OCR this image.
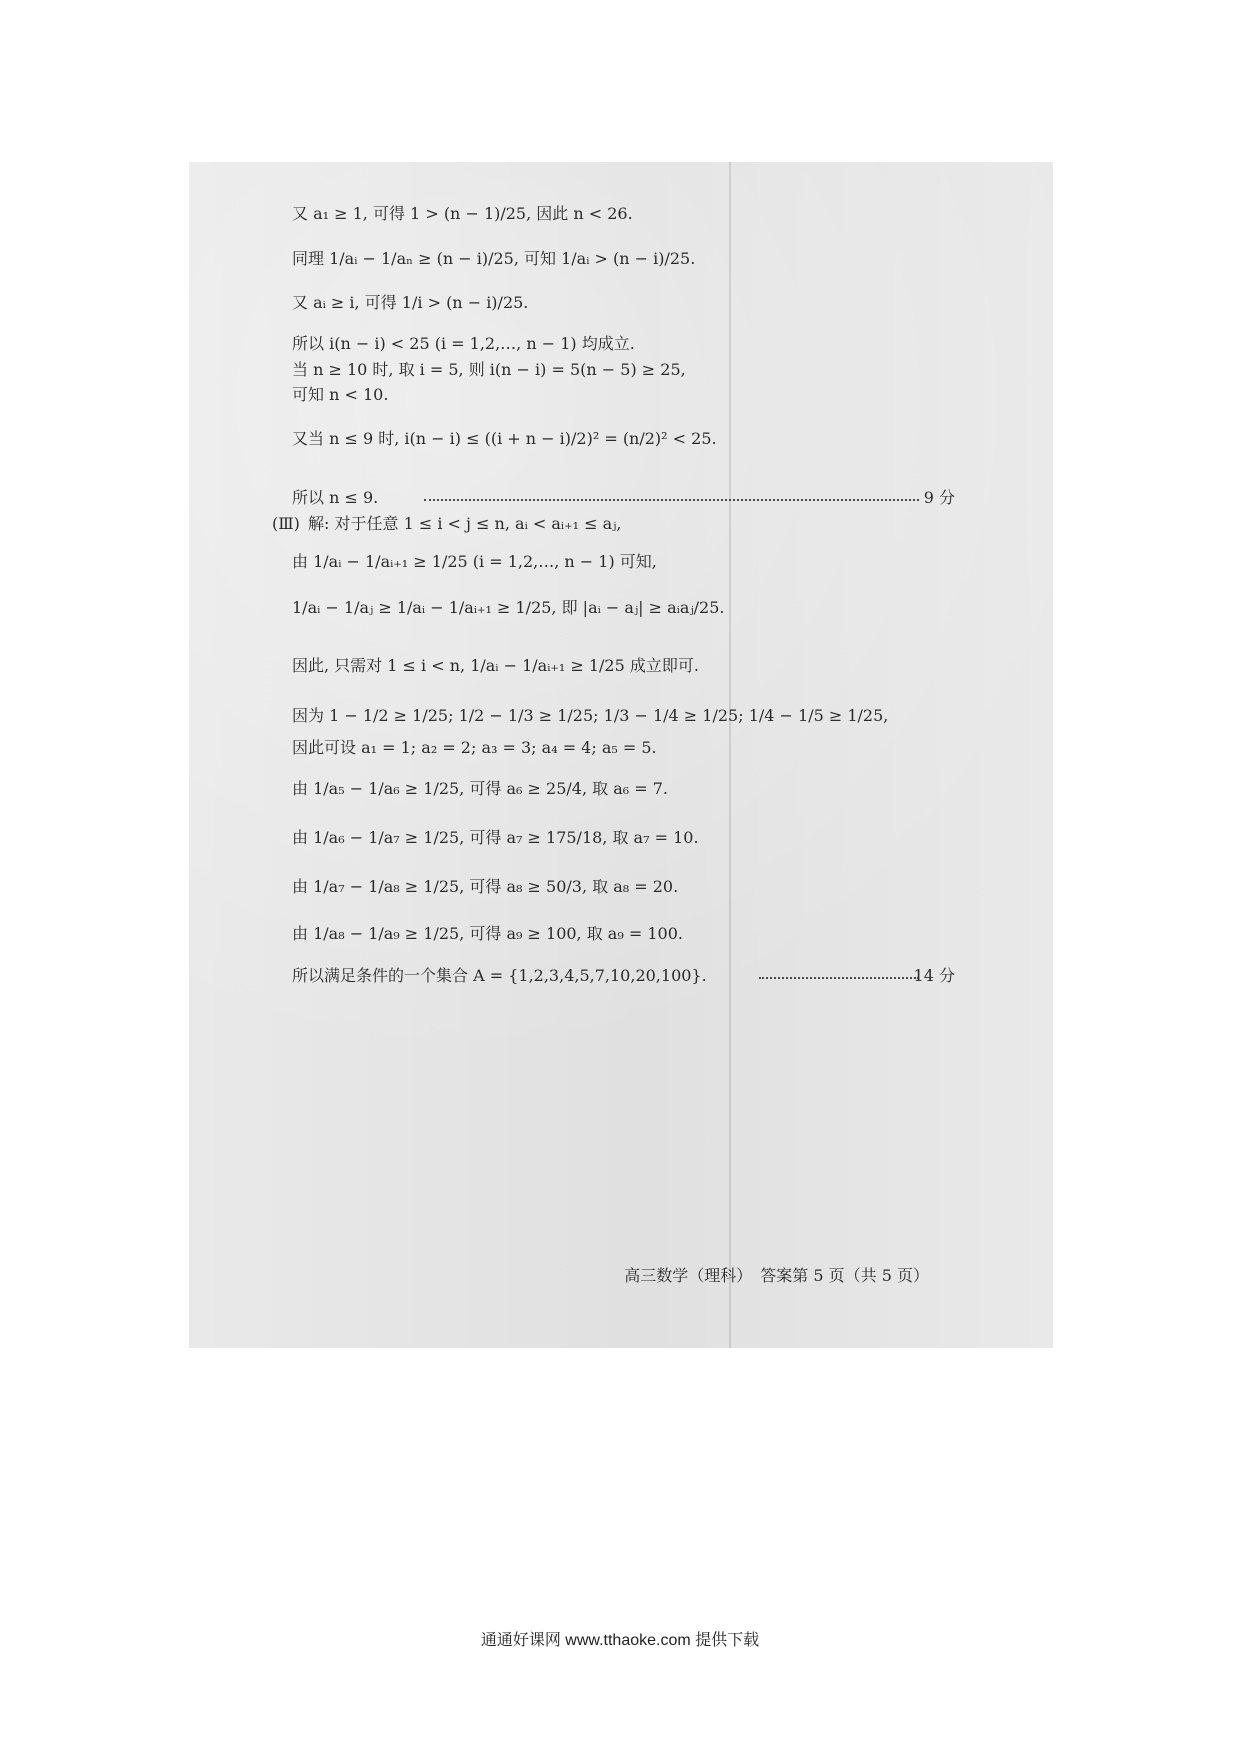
又 a₁ ≥ 1, 可得 1 > (n − 1)/25, 因此 n < 26.
同理 1/aᵢ − 1/aₙ ≥ (n − i)/25, 可知 1/aᵢ > (n − i)/25.
又 aᵢ ≥ i, 可得 1/i > (n − i)/25.
所以 i(n − i) < 25 (i = 1,2,…, n − 1) 均成立.
当 n ≥ 10 时, 取 i = 5, 则 i(n − i) = 5(n − 5) ≥ 25,
可知 n < 10.
又当 n ≤ 9 时, i(n − i) ≤ ((i + n − i)/2)² = (n/2)² < 25.
所以 n ≤ 9.	9 分
(Ⅲ) 解: 对于任意 1 ≤ i < j ≤ n, aᵢ < aᵢ₊₁ ≤ aⱼ,
由 1/aᵢ − 1/aᵢ₊₁ ≥ 1/25 (i = 1,2,…, n − 1) 可知,
1/aᵢ − 1/aⱼ ≥ 1/aᵢ − 1/aᵢ₊₁ ≥ 1/25, 即 |aᵢ − aⱼ| ≥ aᵢaⱼ/25.
因此, 只需对 1 ≤ i < n, 1/aᵢ − 1/aᵢ₊₁ ≥ 1/25 成立即可.
因为 1 − 1/2 ≥ 1/25; 1/2 − 1/3 ≥ 1/25; 1/3 − 1/4 ≥ 1/25; 1/4 − 1/5 ≥ 1/25,
因此可设 a₁ = 1; a₂ = 2; a₃ = 3; a₄ = 4; a₅ = 5.
由 1/a₅ − 1/a₆ ≥ 1/25, 可得 a₆ ≥ 25/4, 取 a₆ = 7.
由 1/a₆ − 1/a₇ ≥ 1/25, 可得 a₇ ≥ 175/18, 取 a₇ = 10.
由 1/a₇ − 1/a₈ ≥ 1/25, 可得 a₈ ≥ 50/3, 取 a₈ = 20.
由 1/a₈ − 1/a₉ ≥ 1/25, 可得 a₉ ≥ 100, 取 a₉ = 100.
所以满足条件的一个集合 A = {1,2,3,4,5,7,10,20,100}.	14 分
高三数学（理科）　答案第 5 页（共 5 页）
通通好课网 www.tthaoke.com 提供下载
